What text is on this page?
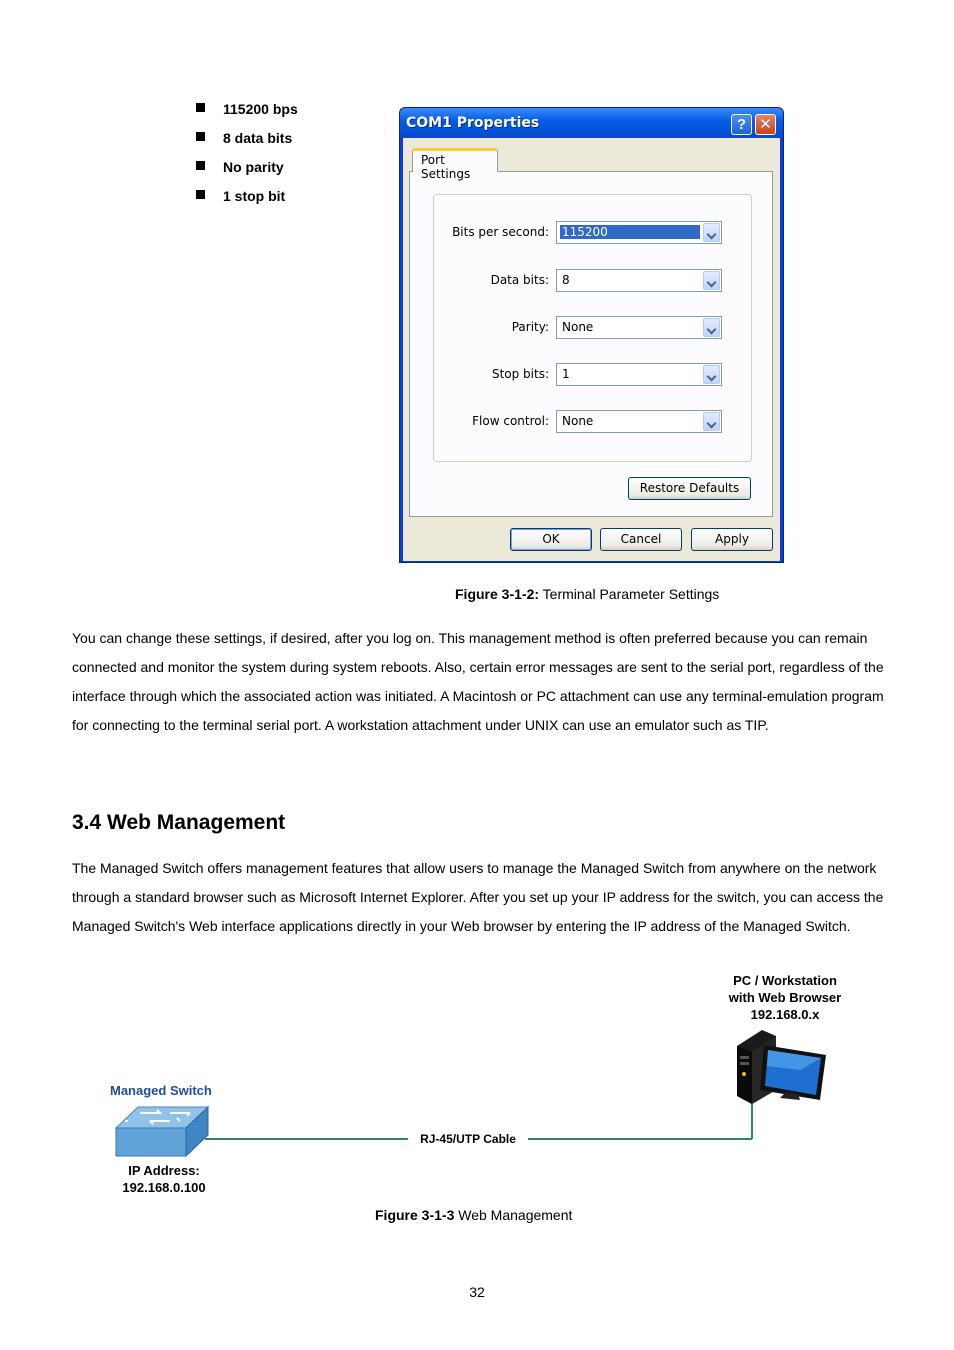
115200 bps
8 data bits
No parity
1 stop bit
COM1 Properties	? ✕
Port Settings
Bits per second: 115200
Data bits: 8
Parity: None
Stop bits: 1
Flow control: None
Restore Defaults
OK	Cancel	Apply
Figure 3-1-2: Terminal Parameter Settings
You can change these settings, if desired, after you log on. This management method is often preferred because you can remain connected and monitor the system during system reboots. Also, certain error messages are sent to the serial port, regardless of the interface through which the associated action was initiated. A Macintosh or PC attachment can use any terminal-emulation program for connecting to the terminal serial port. A workstation attachment under UNIX can use an emulator such as TIP.
3.4 Web Management
The Managed Switch offers management features that allow users to manage the Managed Switch from anywhere on the network through a standard browser such as Microsoft Internet Explorer. After you set up your IP address for the switch, you can access the Managed Switch's Web interface applications directly in your Web browser by entering the IP address of the Managed Switch.
PC / Workstation
with Web Browser
192.168.0.x
Managed Switch
RJ-45/UTP Cable
IP Address:
192.168.0.100
Figure 3-1-3 Web Management
32
